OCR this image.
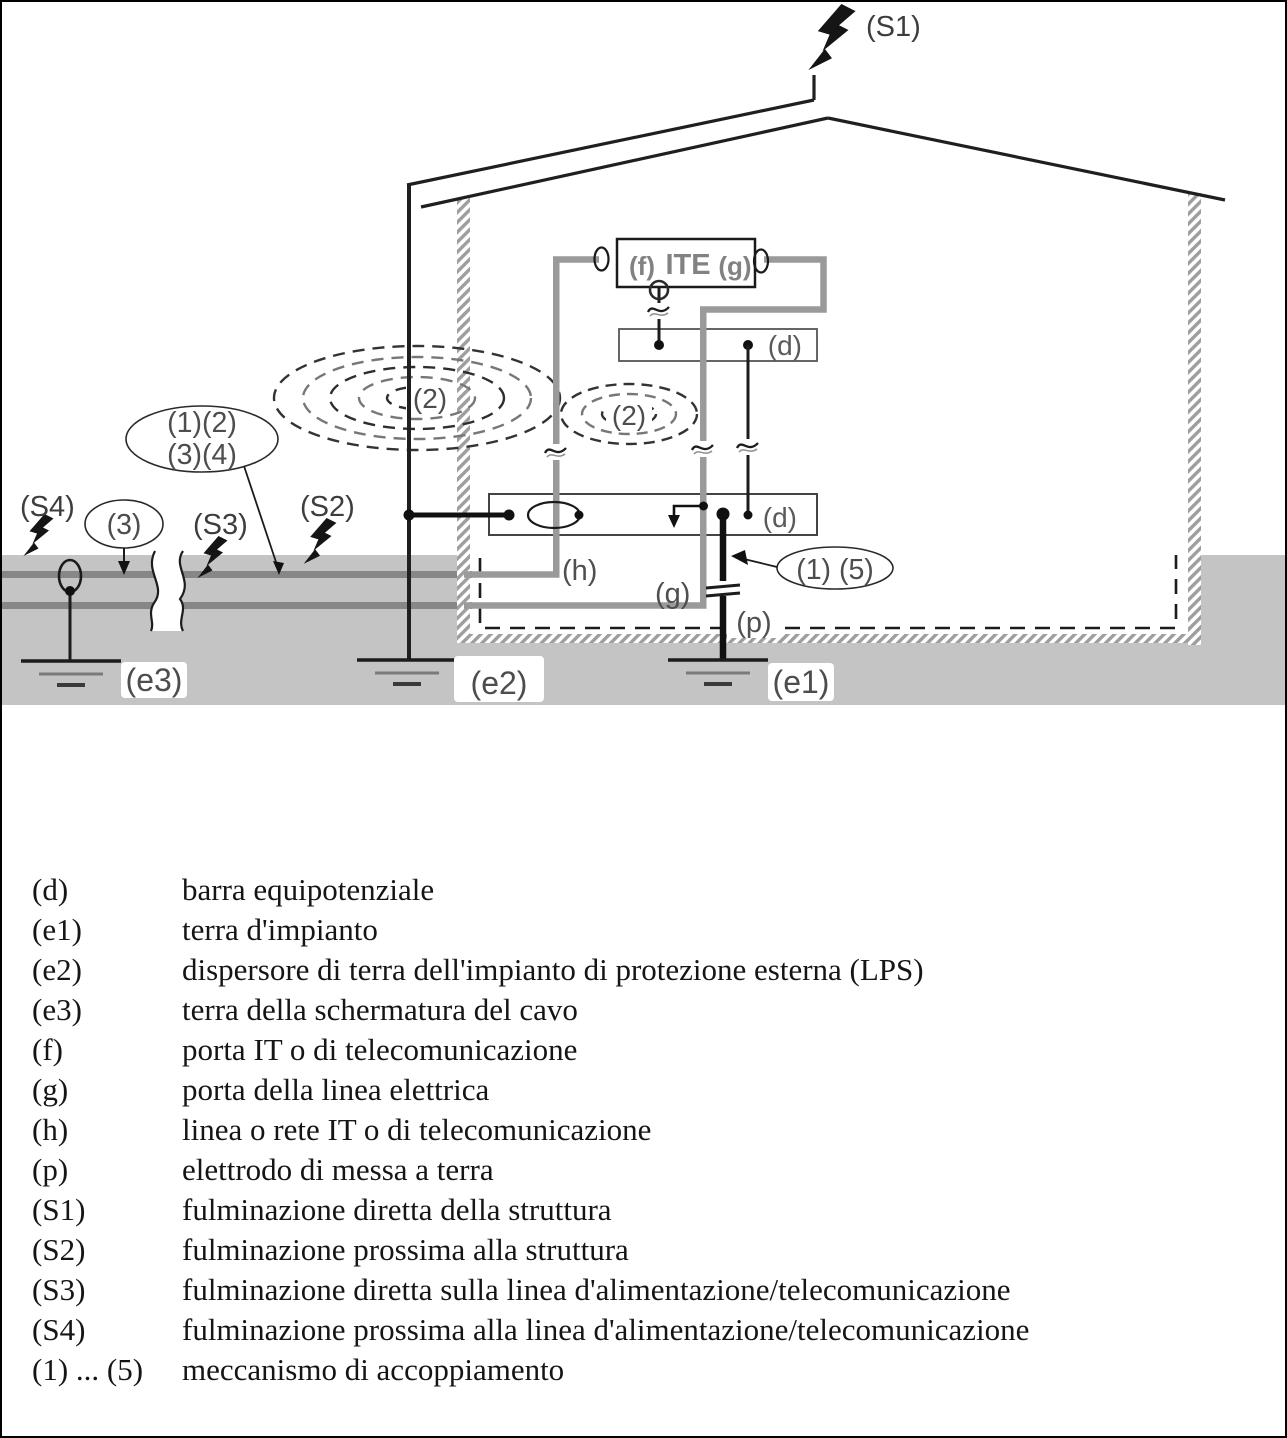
(2)
(2)
(f) ITE (g)
(e2)	(e1)
(e3)
(S1)
(S2)
(S3)
(S4)
(1)(2)
(3)(4)
(3)
(1) (5)
(d)
(d)
(h)
(g)
(p)
(d)	barra equipotenziale
(e1)	terra d'impianto
(e2)	dispersore di terra dell'impianto di protezione esterna (LPS)
(e3)	terra della schermatura del cavo
(f)	porta IT o di telecomunicazione
(g)	porta della linea elettrica
(h)	linea o rete IT o di telecomunicazione
(p)	elettrodo di messa a terra
(S1)	fulminazione diretta della struttura
(S2)	fulminazione prossima alla struttura
(S3)	fulminazione diretta sulla linea d'alimentazione/telecomunicazione
(S4)	fulminazione prossima alla linea d'alimentazione/telecomunicazione
(1) ... (5)	meccanismo di accoppiamento
